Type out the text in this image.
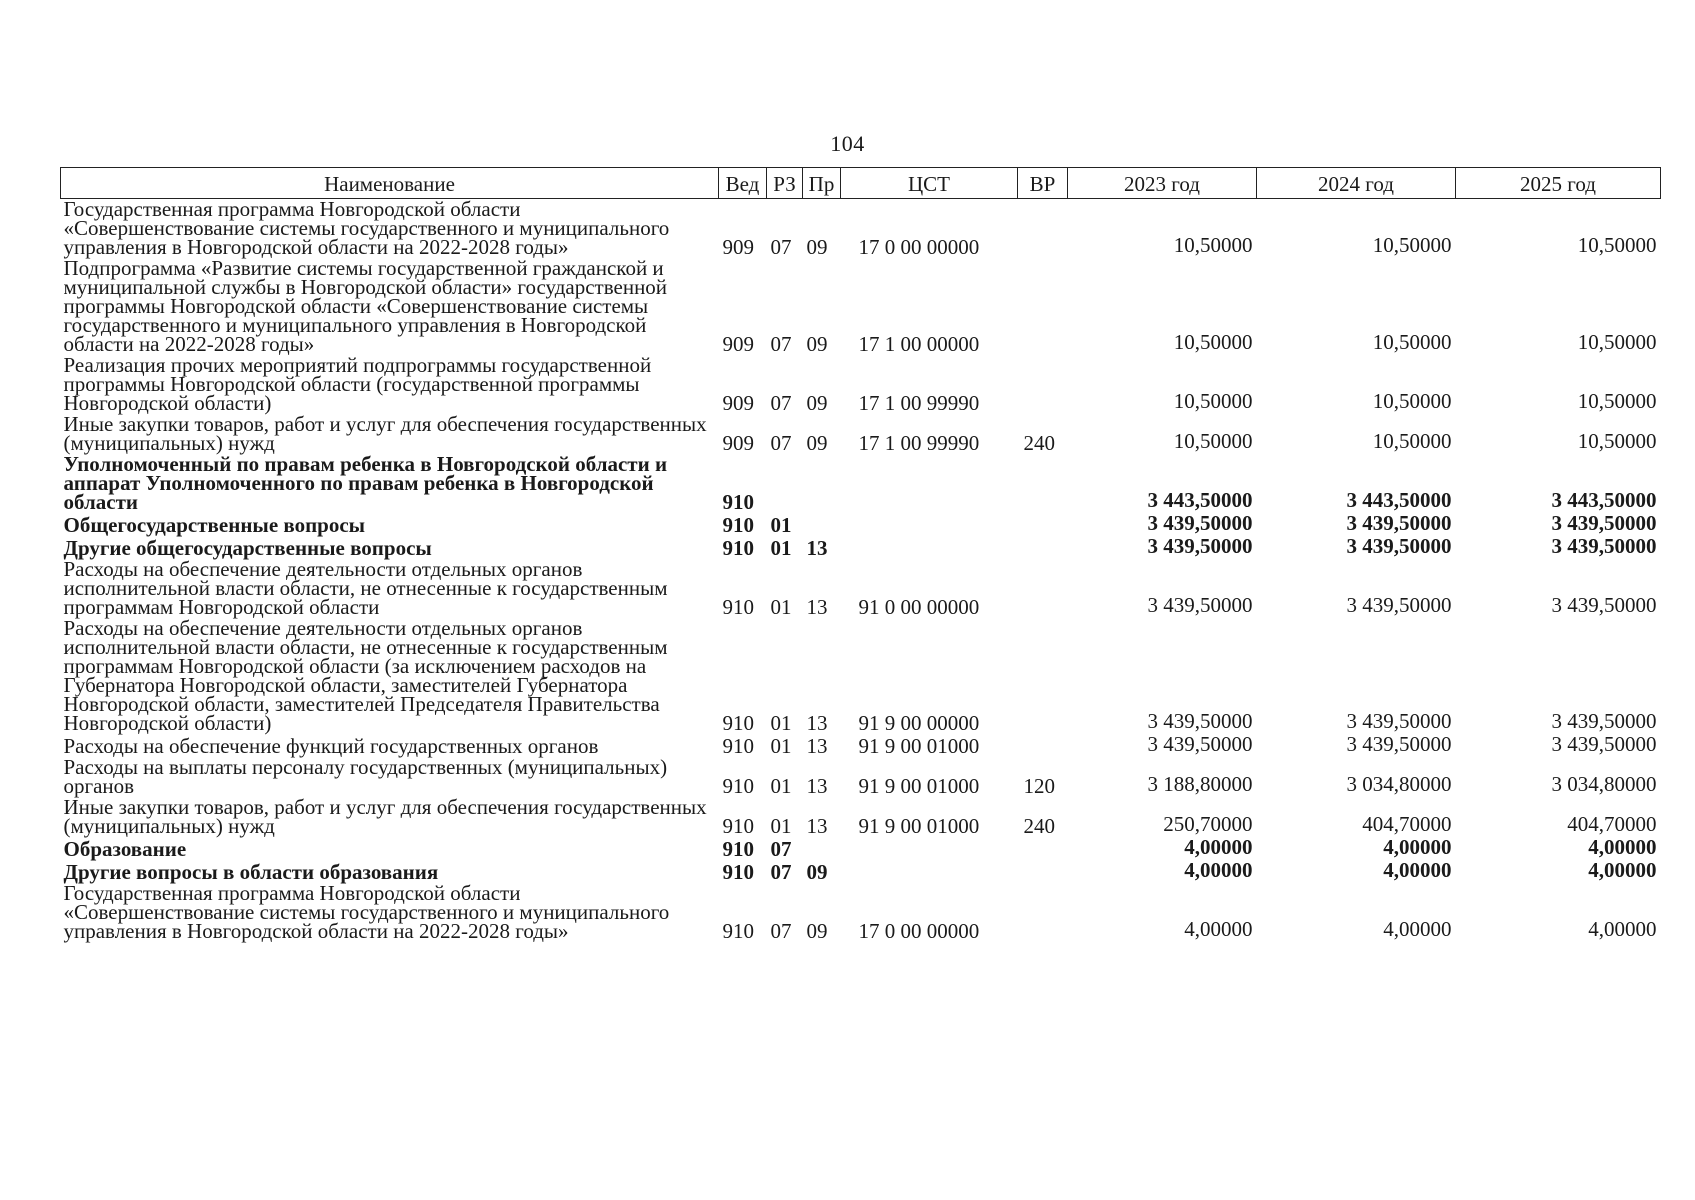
104
Наименование	Вед	РЗ	Пр	ЦСТ	ВР	2023 год	2024 год	2025 год
Государственная программа Новгородской области «Совершенствование системы государственного и муниципального управления в Новгородской области на 2022-2028 годы»	909	07	09	17 0 00 00000		10,50000	10,50000	10,50000
Подпрограмма «Развитие системы государственной гражданской и муниципальной службы в Новгородской области» государственной программы Новгородской области «Совершенствование системы государственного и муниципального управления в Новгородской области на 2022-2028 годы»	909	07	09	17 1 00 00000		10,50000	10,50000	10,50000
Реализация прочих мероприятий подпрограммы государственной программы Новгородской области (государственной программы Новгородской области)	909	07	09	17 1 00 99990		10,50000	10,50000	10,50000
Иные закупки товаров, работ и услуг для обеспечения государственных (муниципальных) нужд	909	07	09	17 1 00 99990	240	10,50000	10,50000	10,50000
Уполномоченный по правам ребенка в Новгородской области и аппарат Уполномоченного по правам ребенка в Новгородской области	910					3 443,50000	3 443,50000	3 443,50000
Общегосударственные вопросы	910	01				3 439,50000	3 439,50000	3 439,50000
Другие общегосударственные вопросы	910	01	13			3 439,50000	3 439,50000	3 439,50000
Расходы на обеспечение деятельности отдельных органов исполнительной власти области, не отнесенные к государственным программам Новгородской области	910	01	13	91 0 00 00000		3 439,50000	3 439,50000	3 439,50000
Расходы на обеспечение деятельности отдельных органов исполнительной власти области, не отнесенные к государственным программам Новгородской области (за исключением расходов на Губернатора Новгородской области, заместителей Губернатора Новгородской области, заместителей Председателя Правительства Новгородской области)	910	01	13	91 9 00 00000		3 439,50000	3 439,50000	3 439,50000
Расходы на обеспечение функций государственных органов	910	01	13	91 9 00 01000		3 439,50000	3 439,50000	3 439,50000
Расходы на выплаты персоналу государственных (муниципальных) органов	910	01	13	91 9 00 01000	120	3 188,80000	3 034,80000	3 034,80000
Иные закупки товаров, работ и услуг для обеспечения государственных (муниципальных) нужд	910	01	13	91 9 00 01000	240	250,70000	404,70000	404,70000
Образование	910	07				4,00000	4,00000	4,00000
Другие вопросы в области образования	910	07	09			4,00000	4,00000	4,00000
Государственная программа Новгородской области «Совершенствование системы государственного и муниципального управления в Новгородской области на 2022-2028 годы»	910	07	09	17 0 00 00000		4,00000	4,00000	4,00000
